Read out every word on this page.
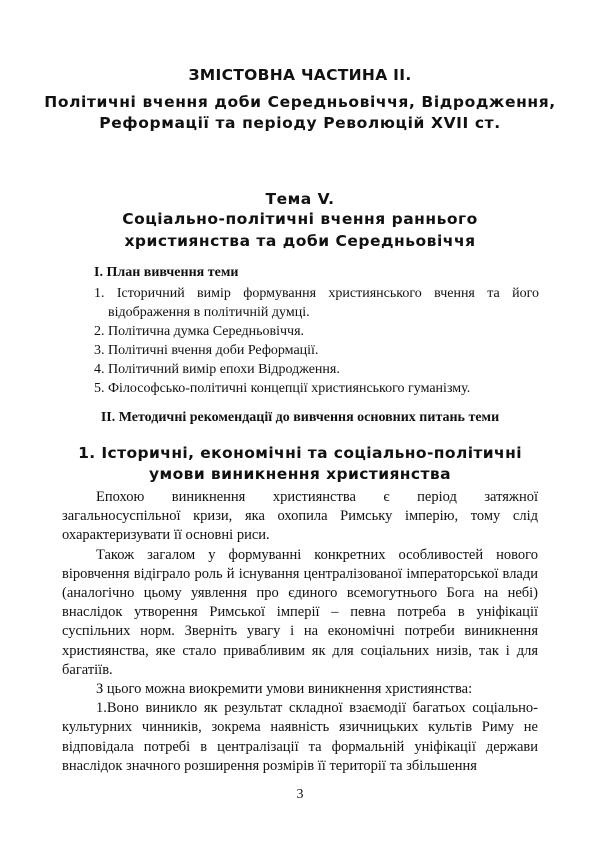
ЗМІСТОВНА ЧАСТИНА ІІ.
Політичні вчення доби Середньовіччя, Відродження, Реформації та періоду Революцій XVII ст.
Тема V.
Соціально-політичні вчення раннього християнства та доби Середньовіччя
I. План вивчення теми
1. Історичний вимір формування християнського вчення та його відображення в політичній думці.
2. Політична думка Середньовіччя.
3. Політичні вчення доби Реформації.
4. Політичний вимір епохи Відродження.
5. Філософсько-політичні концепції християнського гуманізму.
II. Методичні рекомендації до вивчення основних питань теми
1. Історичні, економічні та соціально-політичні умови виникнення християнства

Епохою виникнення християнства є період затяжної загальносуспільної кризи, яка охопила Римську імперію, тому слід охарактеризувати її основні риси.

Також загалом у формуванні конкретних особливостей нового віровчення відіграло роль й існування централізованої імператорської влади (аналогічно цьому уявлення про єдиного всемогутнього Бога на небі) внаслідок утворення Римської імперії – певна потреба в уніфікації суспільних норм. Зверніть увагу і на економічні потреби виникнення християнства, яке стало привабливим як для соціальних низів, так і для багатіїв.

З цього можна виокремити умови виникнення християнства:

1.Воно виникло як результат складної взаємодії багатьох соціально-культурних чинників, зокрема наявність язичницьких культів Риму не відповідала потребі в централізації та формальній уніфікації держави внаслідок значного розширення розмірів її території та збільшення

3
